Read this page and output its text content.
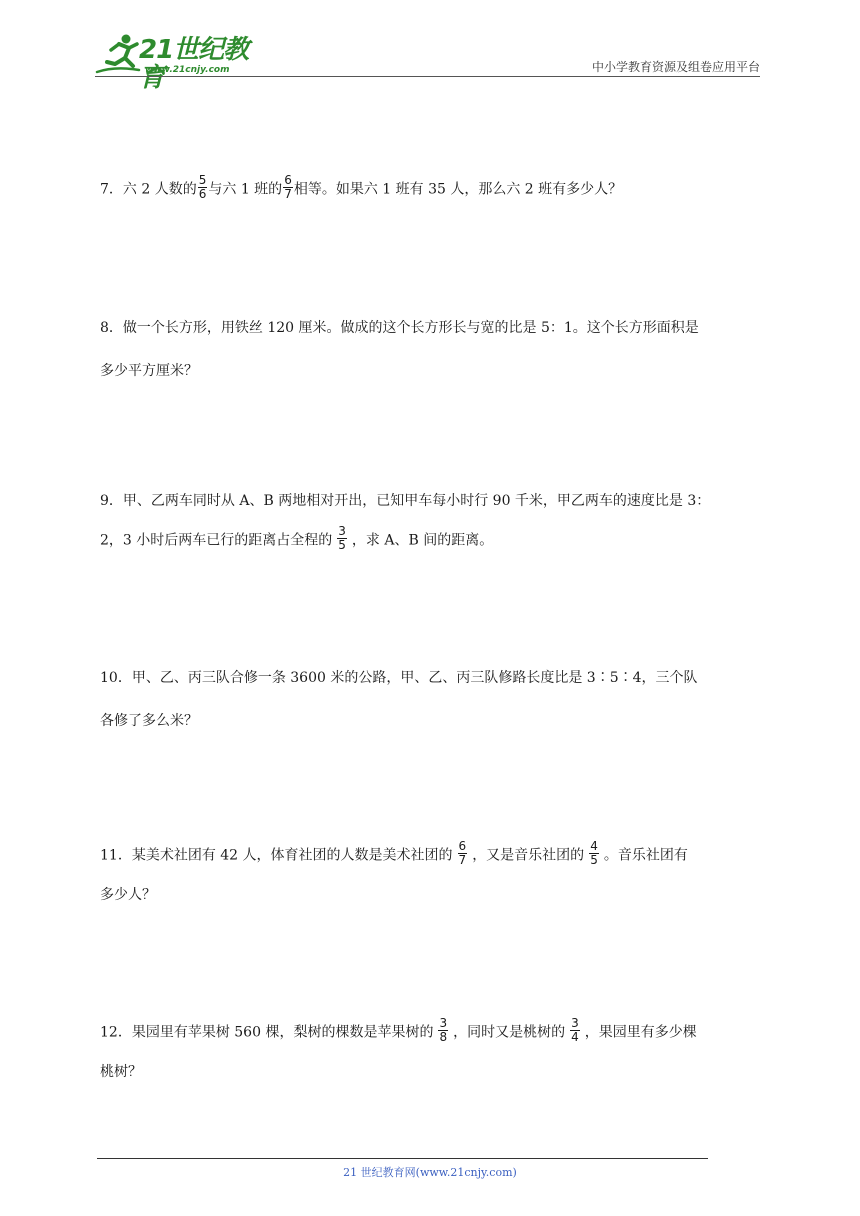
21世纪教育
www.21cnjy.com	中小学教育资源及组卷应用平台
7．六 2 人数的 $\frac{5}{6}$ 与六 1 班的 $\frac{6}{7}$ 相等。如果六 1 班有 35 人，那么六 2 班有多少人？
8．做一个长方形，用铁丝 120 厘米。做成的这个长方形长与宽的比是 5：1。这个长方形面积是
多少平方厘米？
9．甲、乙两车同时从 A、B 两地相对开出，已知甲车每小时行 90 千米，甲乙两车的速度比是 3：
2，3 小时后两车已行的距离占全程的 $\frac{3}{5}$ ，求 A、B 间的距离。
10．甲、乙、丙三队合修一条 3600 米的公路，甲、乙、丙三队修路长度比是 3∶5∶4，三个队
各修了多么米？
11．某美术社团有 42 人，体育社团的人数是美术社团的 $\frac{6}{7}$ ，又是音乐社团的 $\frac{4}{5}$ 。音乐社团有
多少人？
12．果园里有苹果树 560 棵，梨树的棵数是苹果树的 $\frac{3}{8}$ ，同时又是桃树的 $\frac{3}{4}$ ，果园里有多少棵
桃树？
21 世纪教育网(www.21cnjy.com)
